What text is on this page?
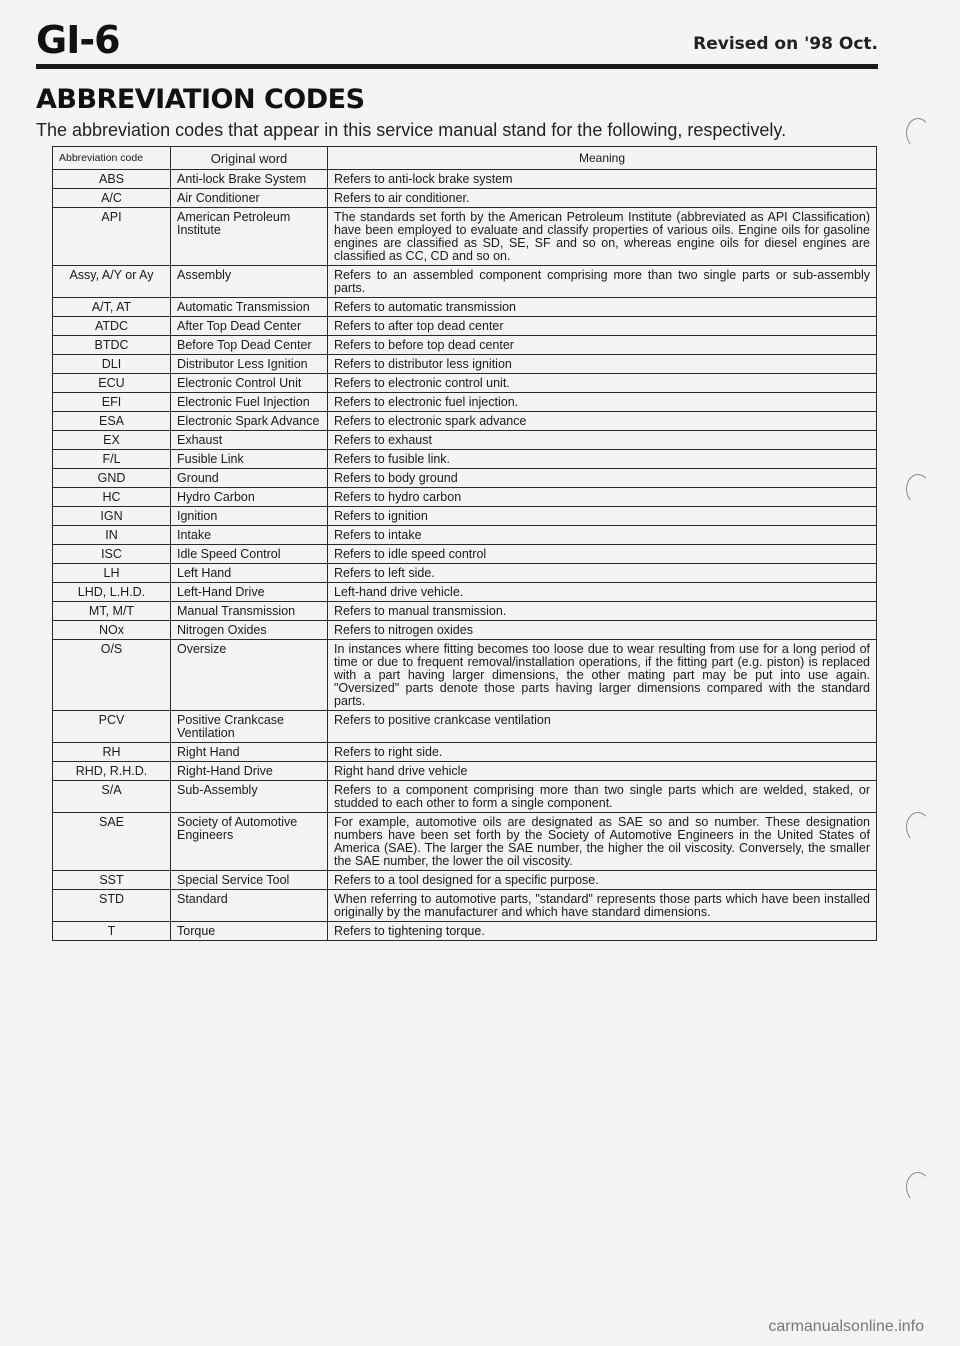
GI-6	Revised on '98 Oct.
ABBREVIATION CODES
The abbreviation codes that appear in this service manual stand for the following, respectively.
Abbreviation code	Original word	Meaning
ABS	Anti-lock Brake System	Refers to anti-lock brake system
A/C	Air Conditioner	Refers to air conditioner.
API	American Petroleum Institute	The standards set forth by the American Petroleum Institute (abbreviated as API Classification) have been employed to evaluate and classify properties of various oils. Engine oils for gasoline engines are classified as SD, SE, SF and so on, whereas engine oils for diesel engines are classified as CC, CD and so on.
Assy, A/Y or Ay	Assembly	Refers to an assembled component comprising more than two single parts or sub-assembly parts.
A/T, AT	Automatic Transmission	Refers to automatic transmission
ATDC	After Top Dead Center	Refers to after top dead center
BTDC	Before Top Dead Center	Refers to before top dead center
DLI	Distributor Less Ignition	Refers to distributor less ignition
ECU	Electronic Control Unit	Refers to electronic control unit.
EFI	Electronic Fuel Injection	Refers to electronic fuel injection.
ESA	Electronic Spark Advance	Refers to electronic spark advance
EX	Exhaust	Refers to exhaust
F/L	Fusible Link	Refers to fusible link.
GND	Ground	Refers to body ground
HC	Hydro Carbon	Refers to hydro carbon
IGN	Ignition	Refers to ignition
IN	Intake	Refers to intake
ISC	Idle Speed Control	Refers to idle speed control
LH	Left Hand	Refers to left side.
LHD, L.H.D.	Left-Hand Drive	Left-hand drive vehicle.
MT, M/T	Manual Transmission	Refers to manual transmission.
NOx	Nitrogen Oxides	Refers to nitrogen oxides
O/S	Oversize	In instances where fitting becomes too loose due to wear resulting from use for a long period of time or due to frequent removal/installation operations, if the fitting part (e.g. piston) is replaced with a part having larger dimensions, the other mating part may be put into use again. "Oversized" parts denote those parts having larger dimensions compared with the standard parts.
PCV	Positive Crankcase Ventilation	Refers to positive crankcase ventilation
RH	Right Hand	Refers to right side.
RHD, R.H.D.	Right-Hand Drive	Right hand drive vehicle
S/A	Sub-Assembly	Refers to a component comprising more than two single parts which are welded, staked, or studded to each other to form a single component.
SAE	Society of Automotive Engineers	For example, automotive oils are designated as SAE so and so number. These designation numbers have been set forth by the Society of Automotive Engineers in the United States of America (SAE). The larger the SAE number, the higher the oil viscosity. Conversely, the smaller the SAE number, the lower the oil viscosity.
SST	Special Service Tool	Refers to a tool designed for a specific purpose.
STD	Standard	When referring to automotive parts, "standard" represents those parts which have been installed originally by the manufacturer and which have standard dimensions.
T	Torque	Refers to tightening torque.
carmanualsonline.info
